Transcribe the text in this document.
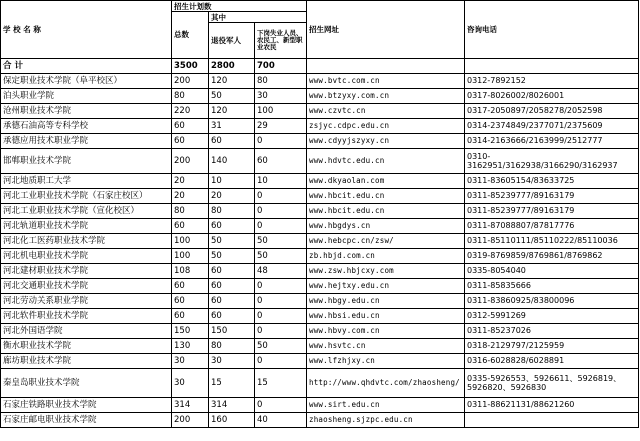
学 校 名 称	招生计划数			招生网址	咨询电话
	总数	其中			
		退役军人	下岗失业人员、农民工、新型职业农民		

合 计	3500	2800	700		
保定职业技术学院（阜平校区）	200	120	80	www.bvtc.com.cn	0312-7892152
泊头职业学院	80	50	30	www.btzyxy.com.cn	0317-8026002/8026001
沧州职业技术学院	220	120	100	www.czvtc.cn	0317-2050897/2058278/2052598
承德石油高等专科学校	60	31	29	zsjyc.cdpc.edu.cn	0314-2374849/2377071/2375609
承德应用技术职业学院	60	60	0	www.cdyyjszyxy.cn	0314-2163666/2163999/2512777
邯郸职业技术学院	200	140	60	www.hdvtc.edu.cn	0310-3162951/3162938/3166290/3162937
河北地质职工大学	20	10	10	www.dkyaolan.com	0311-83605154/83633725
河北工业职业技术学院（石家庄校区）	20	20	0	www.hbcit.edu.cn	0311-85239777/89163179
河北工业职业技术学院（宣化校区）	80	80	0	www.hbcit.edu.cn	0311-85239777/89163179
河北轨道职业技术学院	60	60	0	www.hbgdys.cn	0311-87088807/87817776
河北化工医药职业技术学院	100	50	50	www.hebcpc.cn/zsw/	0311-85110111/85110222/85110036
河北机电职业技术学院	100	50	50	zb.hbjd.com.cn	0319-8769859/8769861/8769862
河北建材职业技术学院	108	60	48	www.zsw.hbjcxy.com	0335-8054040
河北交通职业技术学院	60	60	0	www.hejtxy.edu.cn	0311-85835666
河北劳动关系职业学院	60	60	0	www.hbgy.edu.cn	0311-83860925/83800096
河北软件职业技术学院	60	60	0	www.hbsi.edu.cn	0312-5991269
河北外国语学院	150	150	0	www.hbvy.com.cn	0311-85237026
衡水职业技术学院	130	80	50	www.hsvtc.cn	0318-2129797/2125959
廊坊职业技术学院	30	30	0	www.lfzhjxy.cn	0316-6028828/6028891
秦皇岛职业技术学院	30	15	15	http://www.qhdvtc.com/zhaosheng/	0335-5926553、5926611、5926819、5926820、5926830
石家庄铁路职业技术学院	314	314	0	www.sirt.edu.cn	0311-88621131/88621260
石家庄邮电职业技术学院	200	160	40	zhaosheng.sjzpc.edu.cn	
